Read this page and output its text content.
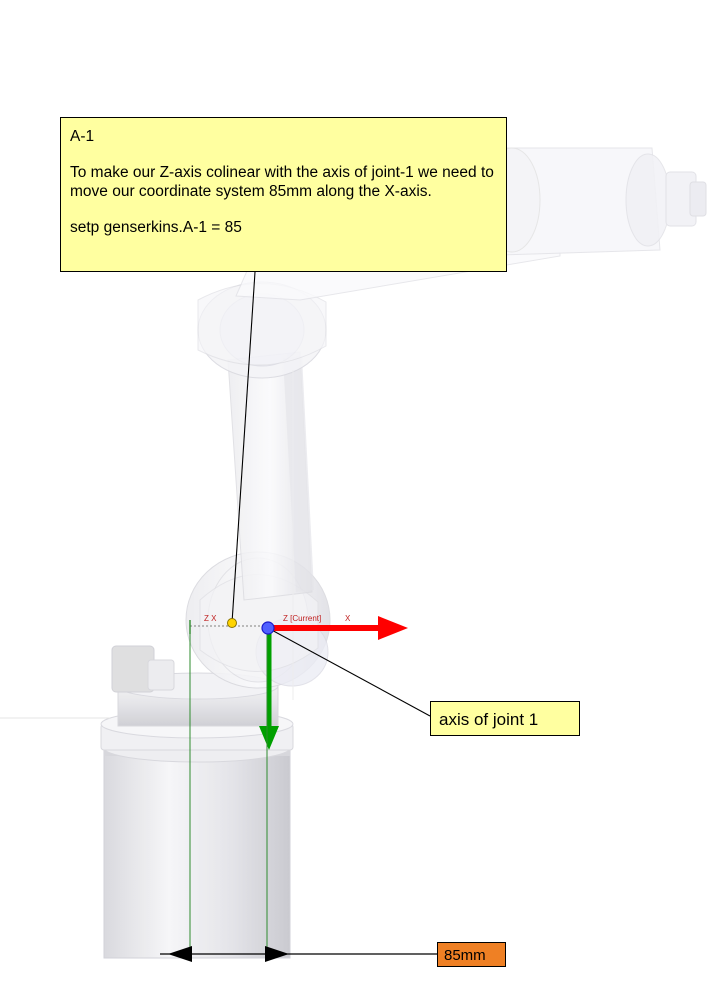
Z X	Z [Current]	X
A-1
To make our Z-axis colinear with the axis of joint-1 we need to move our coordinate system 85mm along the X-axis.
setp genserkins.A-1 = 85
axis of joint 1
85mm
